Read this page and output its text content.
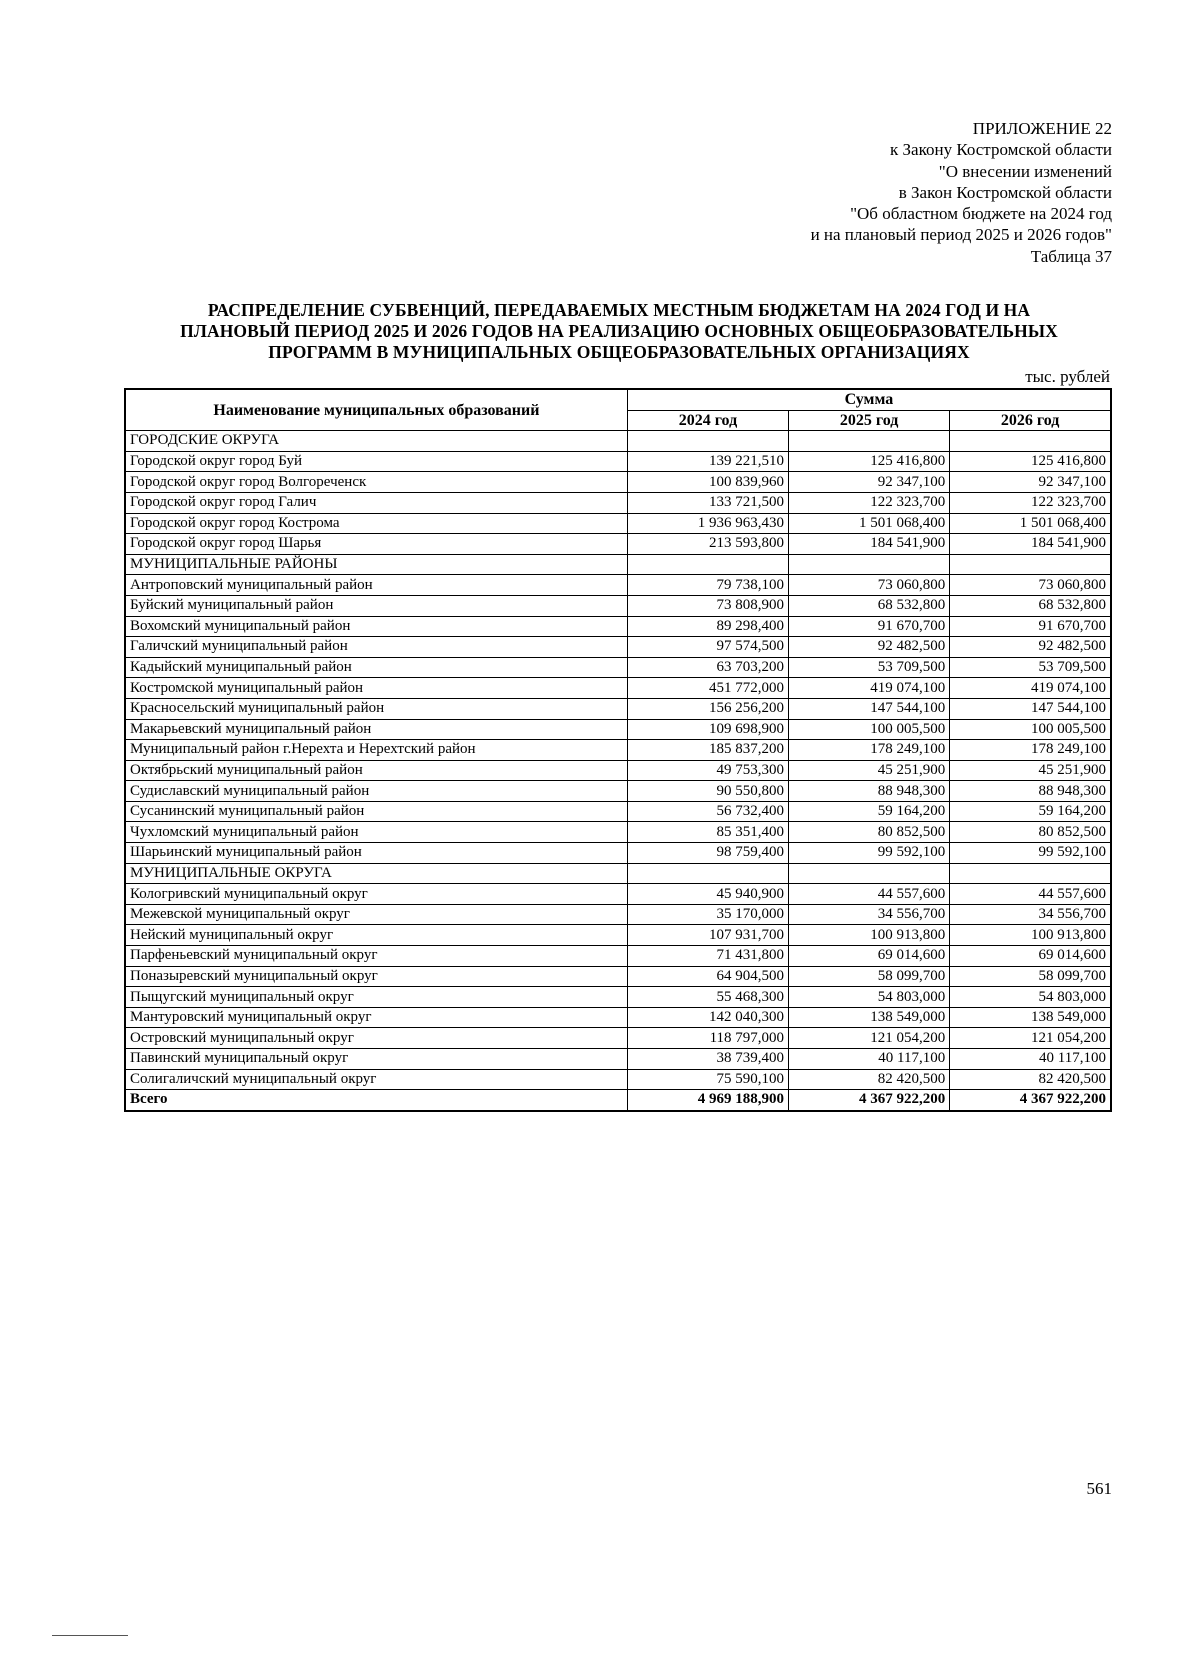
ПРИЛОЖЕНИЕ 22
к Закону Костромской области
"О внесении изменений
в Закон Костромской области
"Об областном бюджете на 2024 год
и на плановый период 2025 и 2026 годов"
Таблица 37
РАСПРЕДЕЛЕНИЕ СУБВЕНЦИЙ, ПЕРЕДАВАЕМЫХ МЕСТНЫМ БЮДЖЕТАМ НА 2024 ГОД И НА
ПЛАНОВЫЙ ПЕРИОД 2025 И 2026 ГОДОВ НА РЕАЛИЗАЦИЮ ОСНОВНЫХ ОБЩЕОБРАЗОВАТЕЛЬНЫХ
ПРОГРАММ В МУНИЦИПАЛЬНЫХ ОБЩЕОБРАЗОВАТЕЛЬНЫХ ОРГАНИЗАЦИЯХ
тыс. рублей
Наименование муниципальных образований	Сумма		
	2024 год	2025 год	2026 год
ГОРОДСКИЕ ОКРУГА			
Городской округ город Буй	139 221,510	125 416,800	125 416,800
Городской округ город Волгореченск	100 839,960	92 347,100	92 347,100
Городской округ город Галич	133 721,500	122 323,700	122 323,700
Городской округ город Кострома	1 936 963,430	1 501 068,400	1 501 068,400
Городской округ город Шарья	213 593,800	184 541,900	184 541,900
МУНИЦИПАЛЬНЫЕ РАЙОНЫ			
Антроповский муниципальный район	79 738,100	73 060,800	73 060,800
Буйский муниципальный район	73 808,900	68 532,800	68 532,800
Вохомский муниципальный район	89 298,400	91 670,700	91 670,700
Галичский муниципальный район	97 574,500	92 482,500	92 482,500
Кадыйский муниципальный район	63 703,200	53 709,500	53 709,500
Костромской муниципальный район	451 772,000	419 074,100	419 074,100
Красносельский муниципальный район	156 256,200	147 544,100	147 544,100
Макарьевский муниципальный район	109 698,900	100 005,500	100 005,500
Муниципальный район г.Нерехта и Нерехтский район	185 837,200	178 249,100	178 249,100
Октябрьский муниципальный район	49 753,300	45 251,900	45 251,900
Судиславский муниципальный район	90 550,800	88 948,300	88 948,300
Сусанинский муниципальный район	56 732,400	59 164,200	59 164,200
Чухломский муниципальный район	85 351,400	80 852,500	80 852,500
Шарьинский муниципальный район	98 759,400	99 592,100	99 592,100
МУНИЦИПАЛЬНЫЕ ОКРУГА			
Кологривский муниципальный округ	45 940,900	44 557,600	44 557,600
Межевской муниципальный округ	35 170,000	34 556,700	34 556,700
Нейский муниципальный округ	107 931,700	100 913,800	100 913,800
Парфеньевский муниципальный округ	71 431,800	69 014,600	69 014,600
Поназыревский муниципальный округ	64 904,500	58 099,700	58 099,700
Пыщугский муниципальный округ	55 468,300	54 803,000	54 803,000
Мантуровский муниципальный округ	142 040,300	138 549,000	138 549,000
Островский муниципальный округ	118 797,000	121 054,200	121 054,200
Павинский муниципальный округ	38 739,400	40 117,100	40 117,100
Солигаличский муниципальный округ	75 590,100	82 420,500	82 420,500
Всего	4 969 188,900	4 367 922,200	4 367 922,200
561
